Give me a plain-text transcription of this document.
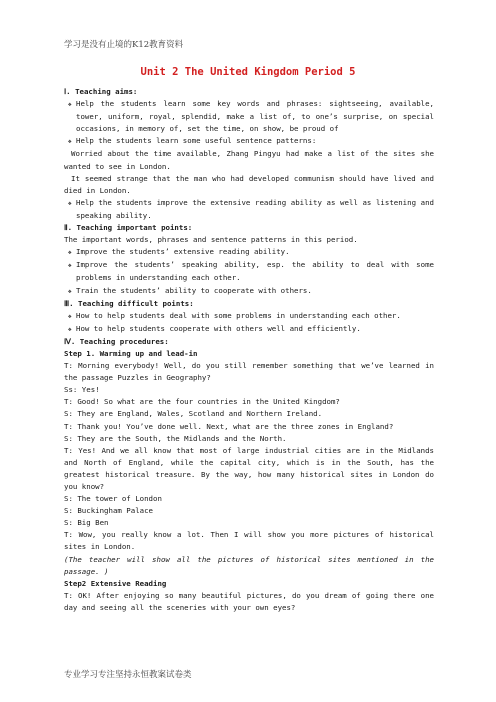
学习是没有止境的K12教育资料
Unit 2 The United Kingdom Period 5

Ⅰ. Teaching aims:

❖ Help the students learn some key words and phrases: sightseeing, available, tower, uniform, royal, splendid, make a list of, to one’s surprise, on special occasions, in memory of, set the time, on show, be proud of

❖ Help the students learn some useful sentence patterns:

Worried about the time available, Zhang Pingyu had make a list of the sites she wanted to see in London.

It seemed strange that the man who had developed communism should have lived and died in London.

❖ Help the students improve the extensive reading ability as well as listening and speaking ability.

Ⅱ. Teaching important points:

The important words, phrases and sentence patterns in this period.

❖ Improve the students’ extensive reading ability.

❖ Improve the students’ speaking ability, esp. the ability to deal with some problems in understanding each other.

❖ Train the students’ ability to cooperate with others.

Ⅲ. Teaching difficult points:

❖ How to help students deal with some problems in understanding each other.

❖ How to help students cooperate with others well and efficiently.

Ⅳ. Teaching procedures:

Step 1. Warming up and lead-in

T: Morning everybody! Well, do you still remember something that we’ve learned in the passage Puzzles in Geography?

Ss: Yes!

T: Good! So what are the four countries in the United Kingdom?

S: They are England, Wales, Scotland and Northern Ireland.

T: Thank you! You’ve done well. Next, what are the three zones in England?

S: They are the South, the Midlands and the North.

T: Yes! And we all know that most of large industrial cities are in the Midlands and North of England, while the capital city, which is in the South, has the greatest historical treasure. By the way, how many historical sites in London do you know?

S: The tower of London

S: Buckingham Palace

S: Big Ben

T: Wow, you really know a lot. Then I will show you more pictures of historical sites in London.

(The teacher will show all the pictures of historical sites mentioned in the passage. )

Step2 Extensive Reading

T: OK! After enjoying so many beautiful pictures, do you dream of going there one day and seeing all the sceneries with your own eyes?

专业学习专注坚持永恒教案试卷类
